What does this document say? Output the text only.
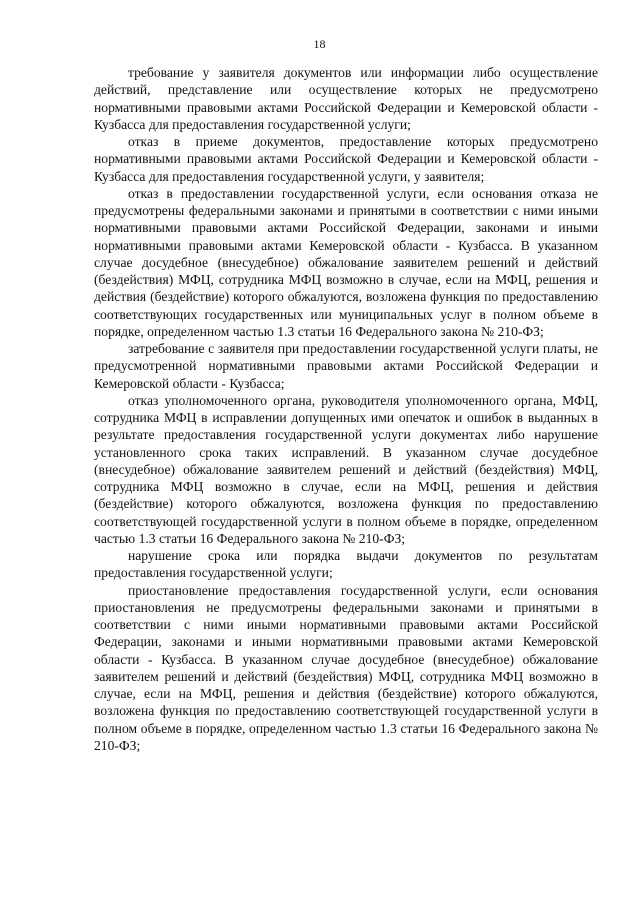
18

требование у заявителя документов или информации либо осуществление действий, представление или осуществление которых не предусмотрено нормативными правовыми актами Российской Федерации и Кемеровской области - Кузбасса для предоставления государственной услуги;

отказ в приеме документов, предоставление которых предусмотрено нормативными правовыми актами Российской Федерации и Кемеровской области - Кузбасса для предоставления государственной услуги, у заявителя;

отказ в предоставлении государственной услуги, если основания отказа не предусмотрены федеральными законами и принятыми в соответствии с ними иными нормативными правовыми актами Российской Федерации, законами и иными нормативными правовыми актами Кемеровской области - Кузбасса. В указанном случае досудебное (внесудебное) обжалование заявителем решений и действий (бездействия) МФЦ, сотрудника МФЦ возможно в случае, если на МФЦ, решения и действия (бездействие) которого обжалуются, возложена функция по предоставлению соответствующих государственных или муниципальных услуг в полном объеме в порядке, определенном частью 1.3 статьи 16 Федерального закона № 210-ФЗ;

затребование с заявителя при предоставлении государственной услуги платы, не предусмотренной нормативными правовыми актами Российской Федерации и Кемеровской области - Кузбасса;

отказ уполномоченного органа, руководителя уполномоченного органа, МФЦ, сотрудника МФЦ в исправлении допущенных ими опечаток и ошибок в выданных в результате предоставления государственной услуги документах либо нарушение установленного срока таких исправлений. В указанном случае досудебное (внесудебное) обжалование заявителем решений и действий (бездействия) МФЦ, сотрудника МФЦ возможно в случае, если на МФЦ, решения и действия (бездействие) которого обжалуются, возложена функция по предоставлению соответствующей государственной услуги в полном объеме в порядке, определенном частью 1.3 статьи 16 Федерального закона № 210-ФЗ;

нарушение срока или порядка выдачи документов по результатам предоставления государственной услуги;

приостановление предоставления государственной услуги, если основания приостановления не предусмотрены федеральными законами и принятыми в соответствии с ними иными нормативными правовыми актами Российской Федерации, законами и иными нормативными правовыми актами Кемеровской области - Кузбасса. В указанном случае досудебное (внесудебное) обжалование заявителем решений и действий (бездействия) МФЦ, сотрудника МФЦ возможно в случае, если на МФЦ, решения и действия (бездействие) которого обжалуются, возложена функция по предоставлению соответствующей государственной услуги в полном объеме в порядке, определенном частью 1.3 статьи 16 Федерального закона № 210-ФЗ;
